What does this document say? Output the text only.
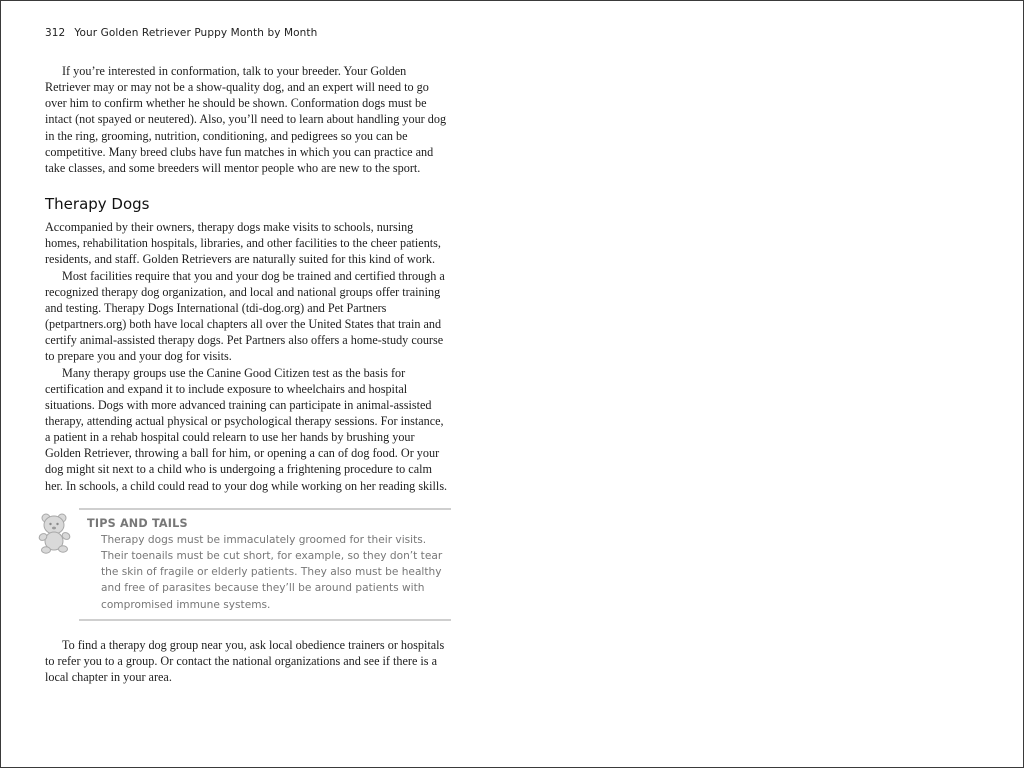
312 Your Golden Retriever Puppy Month by Month

If you’re interested in conformation, talk to your breeder. Your Golden Retriever may or may not be a show-quality dog, and an expert will need to go over him to confirm whether he should be shown. Conformation dogs must be intact (not spayed or neutered). Also, you’ll need to learn about handling your dog in the ring, grooming, nutrition, conditioning, and pedigrees so you can be competitive. Many breed clubs have fun matches in which you can practice and take classes, and some breeders will mentor people who are new to the sport.

Therapy Dogs

Accompanied by their owners, therapy dogs make visits to schools, nursing homes, rehabilitation hospitals, libraries, and other facilities to the cheer patients, residents, and staff. Golden Retrievers are naturally suited for this kind of work.

Most facilities require that you and your dog be trained and certified through a recognized therapy dog organization, and local and national groups offer training and testing. Therapy Dogs International (tdi-dog.org) and Pet Partners (petpartners.org) both have local chapters all over the United States that train and certify animal-assisted therapy dogs. Pet Partners also offers a home-study course to prepare you and your dog for visits.

Many therapy groups use the Canine Good Citizen test as the basis for certification and expand it to include exposure to wheelchairs and hospital situations. Dogs with more advanced training can participate in animal-assisted therapy, attending actual physical or psychological therapy sessions. For instance, a patient in a rehab hospital could relearn to use her hands by brushing your Golden Retriever, throwing a ball for him, or opening a can of dog food. Or your dog might sit next to a child who is undergoing a frightening procedure to calm her. In schools, a child could read to your dog while working on her reading skills.

TIPS AND TAILS
Therapy dogs must be immaculately groomed for their visits. Their toenails must be cut short, for example, so they don’t tear the skin of fragile or elderly patients. They also must be healthy and free of parasites because they’ll be around patients with compromised immune systems.

To find a therapy dog group near you, ask local obedience trainers or hospitals to refer you to a group. Or contact the national organizations and see if there is a local chapter in your area.
